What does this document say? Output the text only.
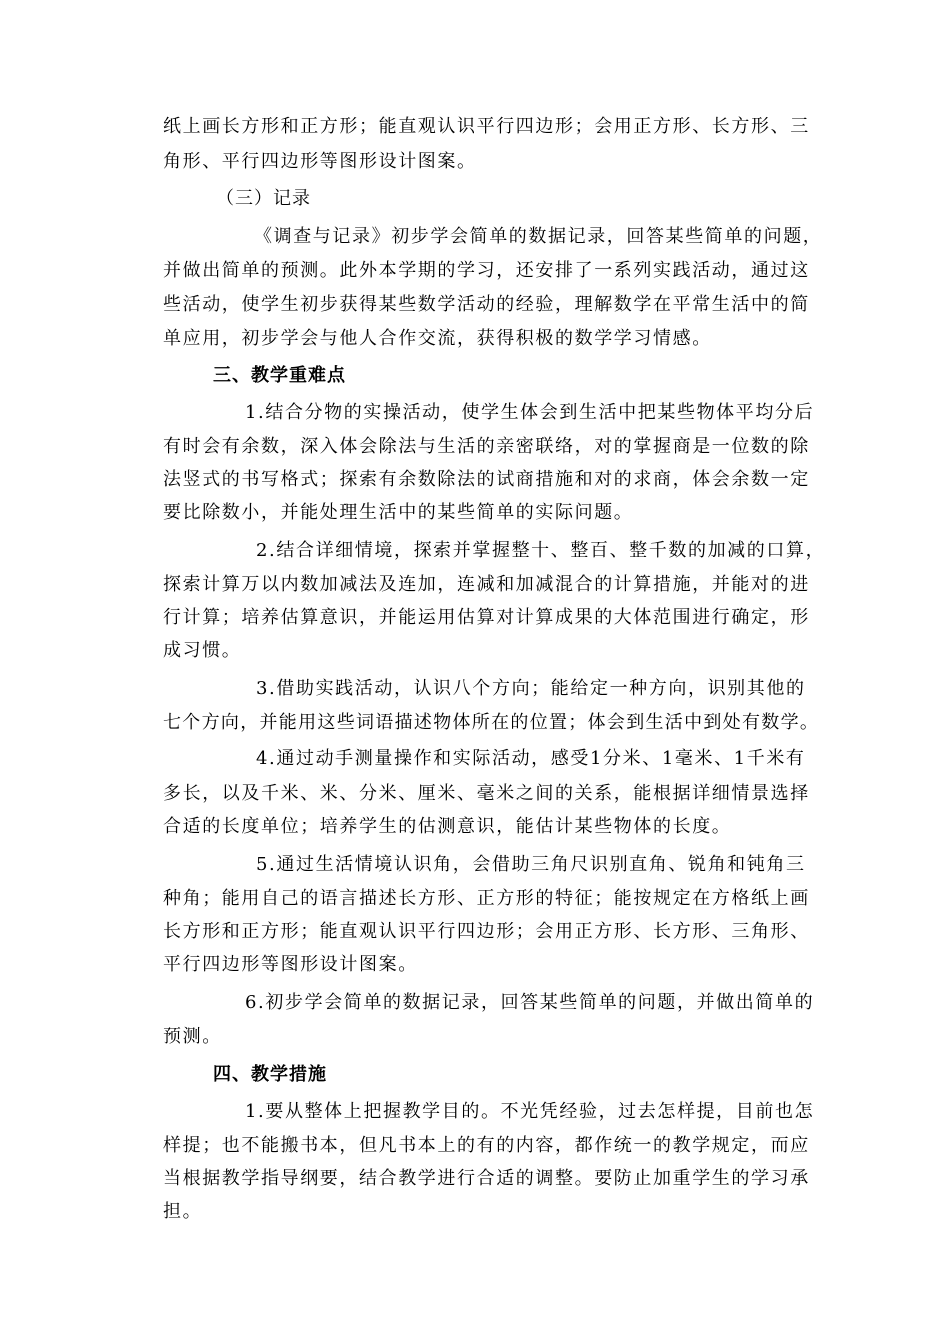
纸上画长方形和正方形；能直观认识平行四边形；会用正方形、长方形、三
角形、平行四边形等图形设计图案。
（三）记录
《调查与记录》初步学会简单的数据记录，回答某些简单的问题，
并做出简单的预测。此外本学期的学习，还安排了一系列实践活动，通过这
些活动，使学生初步获得某些数学活动的经验，理解数学在平常生活中的简
单应用，初步学会与他人合作交流，获得积极的数学学习情感。
三、教学重难点
1.结合分物的实操活动，使学生体会到生活中把某些物体平均分后
有时会有余数，深入体会除法与生活的亲密联络，对的掌握商是一位数的除
法竖式的书写格式；探索有余数除法的试商措施和对的求商，体会余数一定
要比除数小，并能处理生活中的某些简单的实际问题。
2.结合详细情境，探索并掌握整十、整百、整千数的加减的口算，
探索计算万以内数加减法及连加，连减和加减混合的计算措施，并能对的进
行计算；培养估算意识，并能运用估算对计算成果的大体范围进行确定，形
成习惯。
3.借助实践活动，认识八个方向；能给定一种方向，识别其他的
七个方向，并能用这些词语描述物体所在的位置；体会到生活中到处有数学。
4.通过动手测量操作和实际活动，感受1分米、1毫米、1千米有
多长，以及千米、米、分米、厘米、毫米之间的关系，能根据详细情景选择
合适的长度单位；培养学生的估测意识，能估计某些物体的长度。
5.通过生活情境认识角，会借助三角尺识别直角、锐角和钝角三
种角；能用自己的语言描述长方形、正方形的特征；能按规定在方格纸上画
长方形和正方形；能直观认识平行四边形；会用正方形、长方形、三角形、
平行四边形等图形设计图案。
6.初步学会简单的数据记录，回答某些简单的问题，并做出简单的
预测。
四、教学措施
1.要从整体上把握教学目的。不光凭经验，过去怎样提，目前也怎
样提；也不能搬书本，但凡书本上的有的内容，都作统一的教学规定，而应
当根据教学指导纲要，结合教学进行合适的调整。要防止加重学生的学习承
担。
